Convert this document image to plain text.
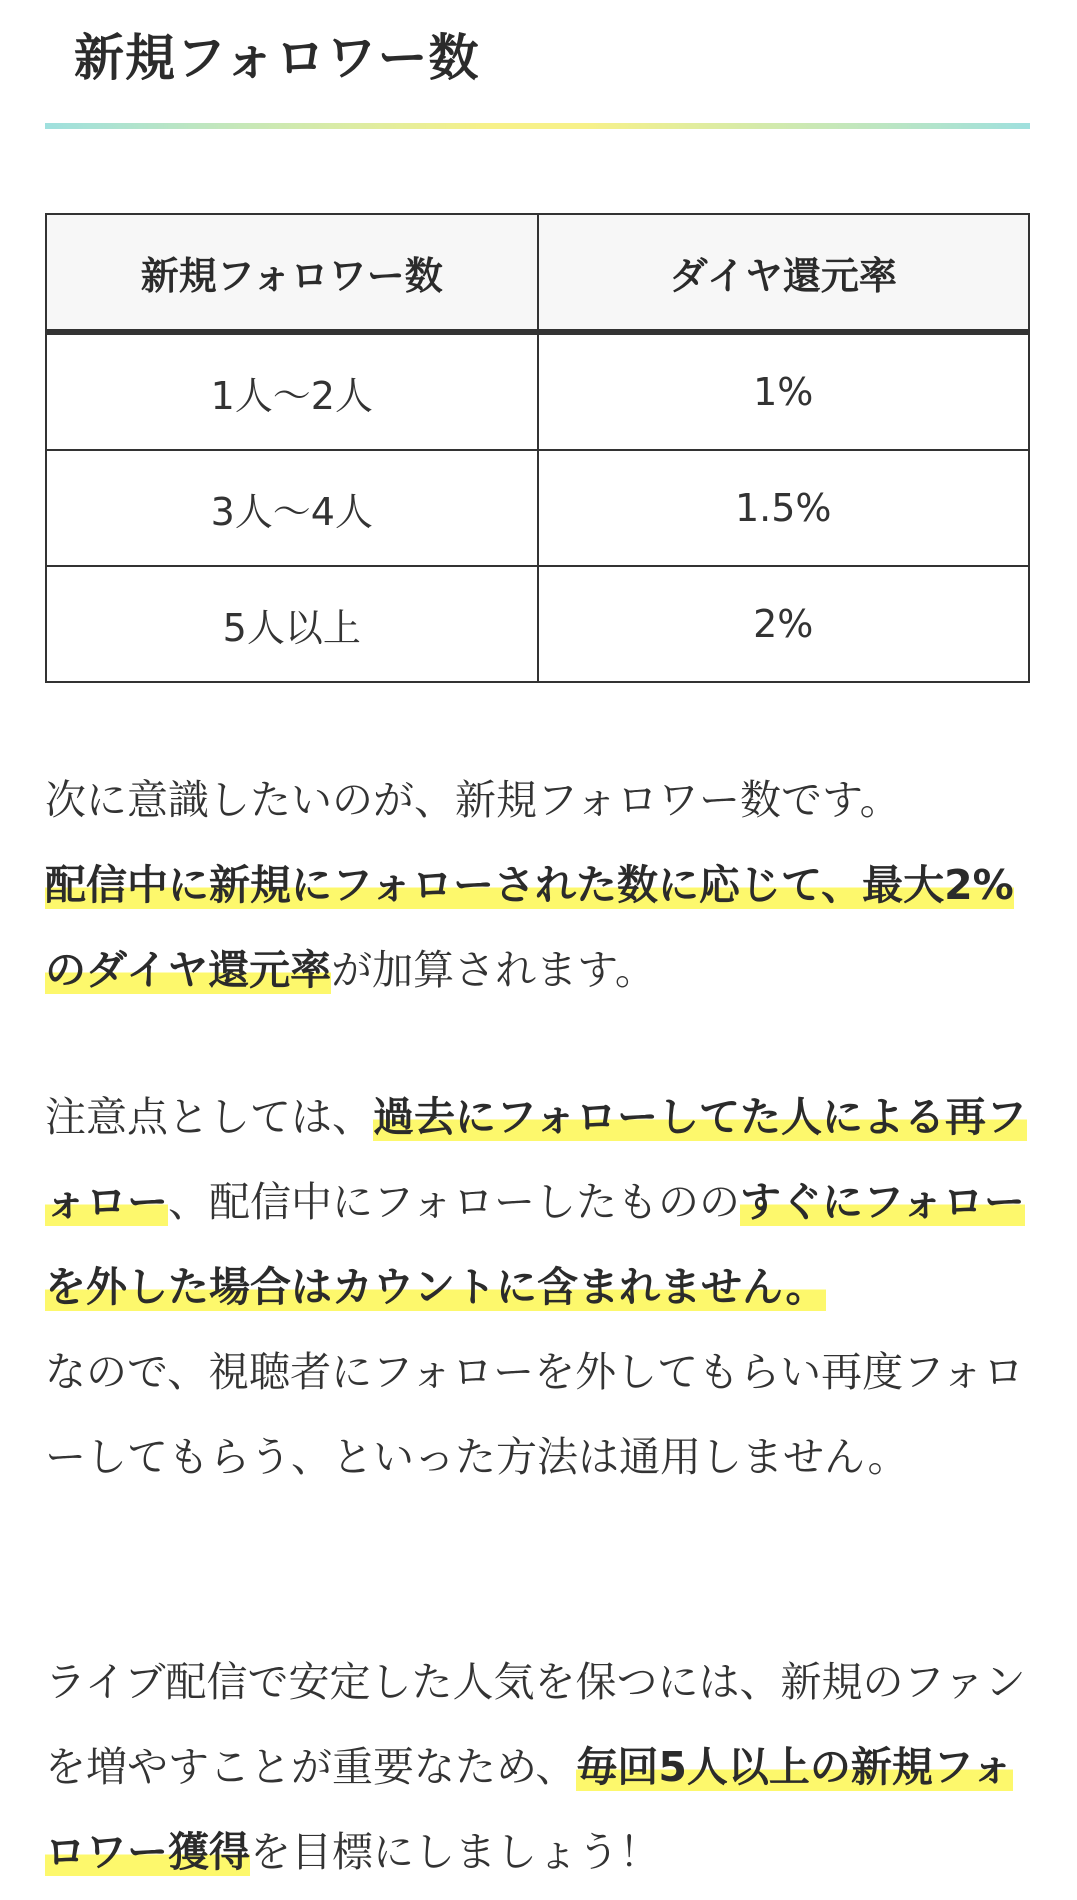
新規フォロワー数
新規フォロワー数	ダイヤ還元率
1人〜2人	1%
3人〜4人	1.5%
5人以上	2%

次に意識したいのが、新規フォロワー数です。
配信中に新規にフォローされた数に応じて、最大2%のダイヤ還元率が加算されます。

注意点としては、過去にフォローしてた人による再フォロー、配信中にフォローしたもののすぐにフォローを外した場合はカウントに含まれません。
なので、視聴者にフォローを外してもらい再度フォローしてもらう、といった方法は通用しません。

ライブ配信で安定した人気を保つには、新規のファンを増やすことが重要なため、毎回5人以上の新規フォロワー獲得を目標にしましょう！
